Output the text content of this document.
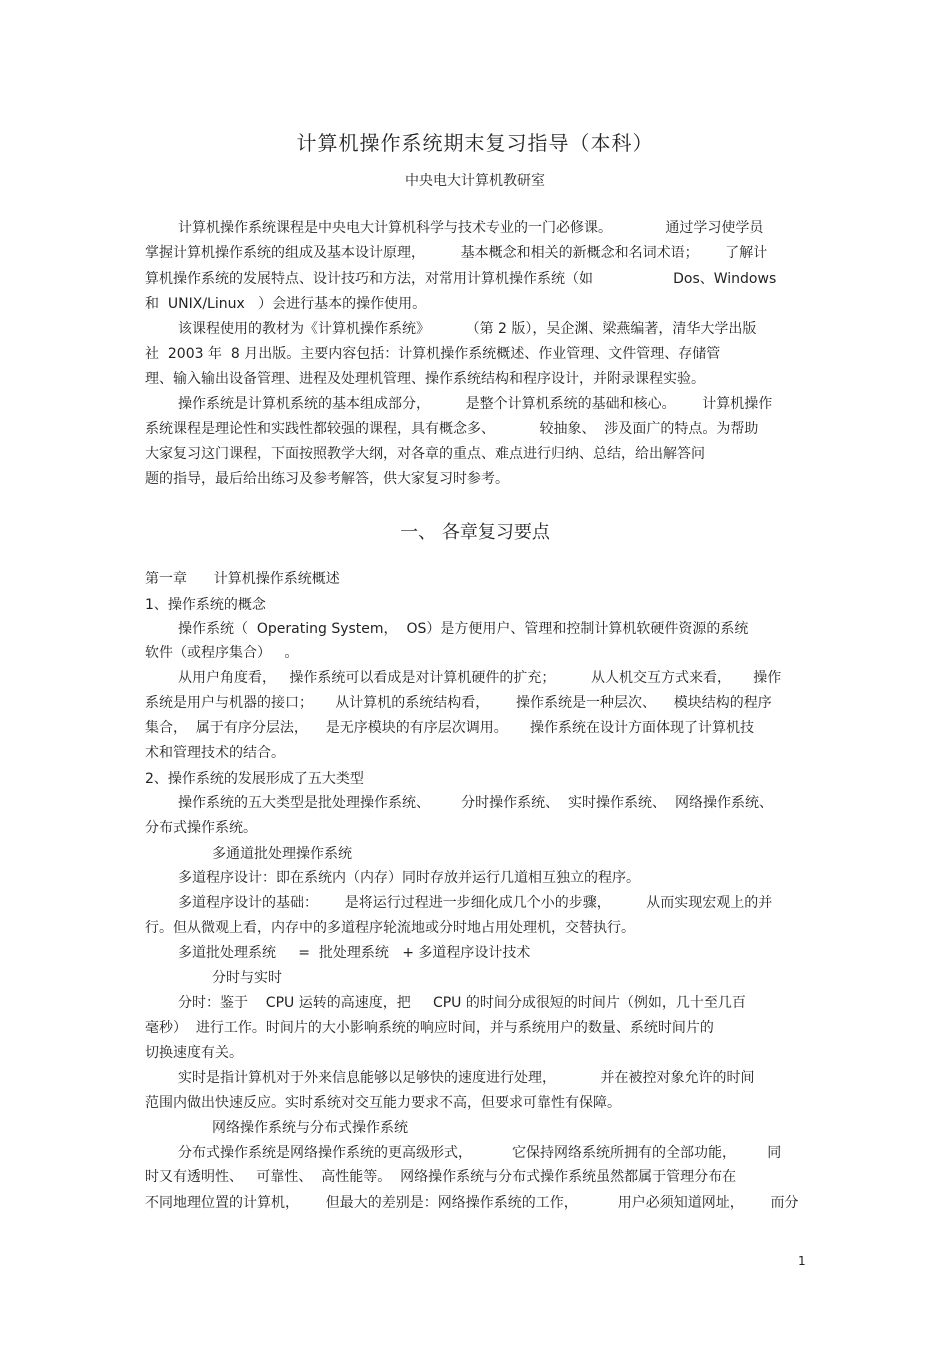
计算机操作系统期末复习指导（本科）
中央电大计算机教研室
计算机操作系统课程是中央电大计算机科学与技术专业的一门必修课。            通过学习使学员
掌握计算机操作系统的组成及基本设计原理，        基本概念和相关的新概念和名词术语；      了解计
算机操作系统的发展特点、设计技巧和方法，对常用计算机操作系统（如                  Dos、Windows
和  UNIX/Linux   ）会进行基本的操作使用。
该课程使用的教材为《计算机操作系统》        （第 2 版），吴企渊、梁燕编著，清华大学出版
社  2003 年  8 月出版。主要内容包括：计算机操作系统概述、作业管理、文件管理、存储管
理、输入输出设备管理、进程及处理机管理、操作系统结构和程序设计，并附录课程实验。
操作系统是计算机系统的基本组成部分，        是整个计算机系统的基础和核心。      计算机操作
系统课程是理论性和实践性都较强的课程，具有概念多、          较抽象、  涉及面广的特点。为帮助
大家复习这门课程，下面按照教学大纲，对各章的重点、难点进行归纳、总结，给出解答问
题的指导，最后给出练习及参考解答，供大家复习时参考。
一、 各章复习要点
第一章      计算机操作系统概述
1、操作系统的概念
操作系统（  Operating System，  OS）是方便用户、管理和控制计算机软硬件资源的系统
软件（或程序集合）   。
从用户角度看，   操作系统可以看成是对计算机硬件的扩充；        从人机交互方式来看，     操作
系统是用户与机器的接口；     从计算机的系统结构看，      操作系统是一种层次、    模块结构的程序
集合，  属于有序分层法，    是无序模块的有序层次调用。     操作系统在设计方面体现了计算机技
术和管理技术的结合。
2、操作系统的发展形成了五大类型
操作系统的五大类型是批处理操作系统、       分时操作系统、  实时操作系统、  网络操作系统、
分布式操作系统。
多通道批处理操作系统
多道程序设计：即在系统内（内存）同时存放并运行几道相互独立的程序。
多道程序设计的基础：      是将运行过程进一步细化成几个小的步骤，        从而实现宏观上的并
行。但从微观上看，内存中的多道程序轮流地或分时地占用处理机，交替执行。
多道批处理系统     =  批处理系统   + 多道程序设计技术
分时与实时
分时：鉴于    CPU 运转的高速度，把     CPU 的时间分成很短的时间片（例如，几十至几百
毫秒）  进行工作。时间片的大小影响系统的响应时间，并与系统用户的数量、系统时间片的
切换速度有关。
实时是指计算机对于外来信息能够以足够快的速度进行处理，          并在被控对象允许的时间
范围内做出快速反应。实时系统对交互能力要求不高，但要求可靠性有保障。
网络操作系统与分布式操作系统
分布式操作系统是网络操作系统的更高级形式，         它保持网络系统所拥有的全部功能，       同
时又有透明性、   可靠性、  高性能等。  网络操作系统与分布式操作系统虽然都属于管理分布在
不同地理位置的计算机，      但最大的差别是：网络操作系统的工作，         用户必须知道网址，      而分
1
